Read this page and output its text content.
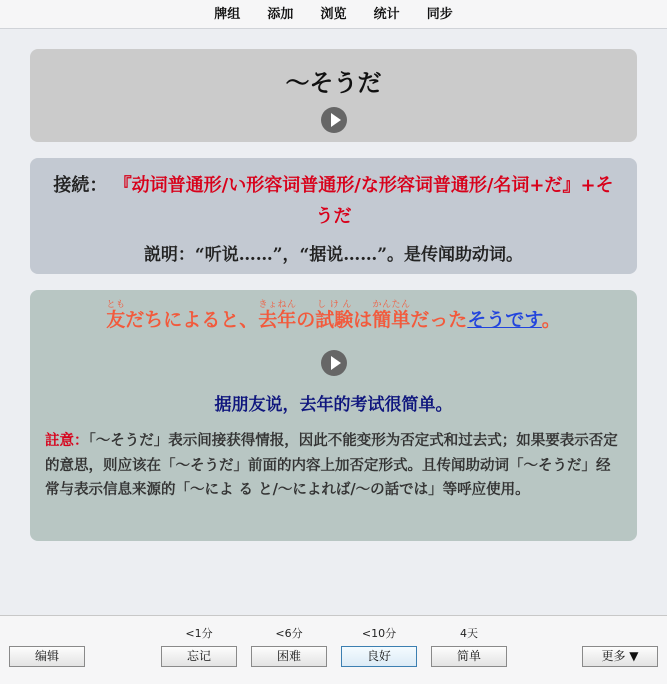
牌组 添加 浏览 统计 同步
～そうだ
接続： 『动词普通形/い形容词普通形/な形容词普通形/名词+だ』+そうだ
説明：“听说……”，“据说……”。是传闻助动词。
友ともだちによると、去年きょねんの試験しけんは簡単かんたんだったそうです。
据朋友说，去年的考试很简单。
註意：「～そうだ」表示间接获得情报，因此不能变形为否定式和过去式；如果要表示否定的意思，则应该在「～そうだ」前面的内容上加否定形式。且传闻助动词「～そうだ」经常与表示信息来源的「～によ る と/～によれば/～の話では」等呼应使用。
编辑
<1分
忘记
<6分
困难
<10分
良好
4天
简单	更多 ▼
